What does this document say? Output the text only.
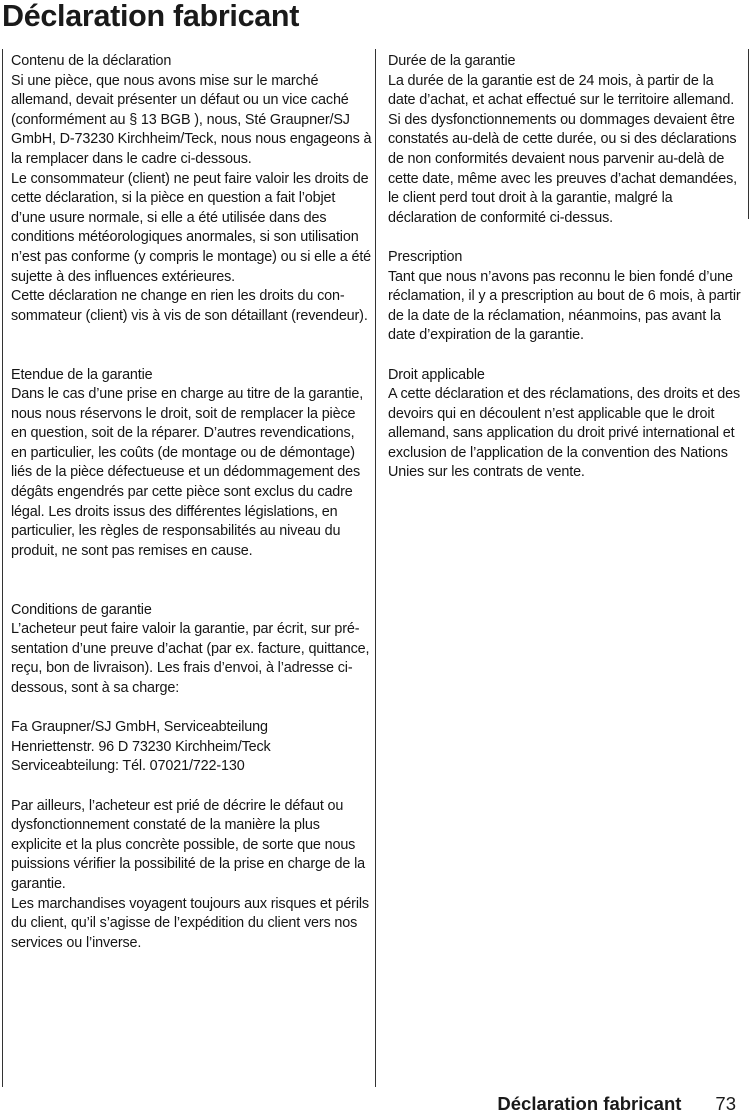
Déclaration fabricant
Contenu de la déclaration
Si une pièce, que nous avons mise sur le marché allemand, devait présenter un défaut ou un vice caché (conformément au § 13 BGB ), nous, Sté Graupner/SJ GmbH, D-73230 Kirchheim/Teck, nous nous engageons à la remplacer dans le cadre ci-dessous.
Le consommateur (client) ne peut faire valoir les droits de cette déclaration, si la pièce en question a fait l’objet d’une usure normale, si elle a été utilisée dans des conditions météorologiques anormales, si son utilisation n’est pas conforme (y compris le montage) ou si elle a été sujette à des influences extérieures.
Cette déclaration ne change en rien les droits du con-sommateur (client) vis à vis de son détaillant (revendeur).
Etendue de la garantie
Dans le cas d’une prise en charge au titre de la garantie, nous nous réservons le droit, soit de remplacer la pièce en question, soit de la réparer. D’autres revendications, en particulier, les coûts (de montage ou de démontage) liés de la pièce défectueuse et un dédommagement des dégâts engendrés par cette pièce sont exclus du cadre légal. Les droits issus des différentes législations, en particulier, les règles de responsabilités au niveau du produit, ne sont pas remises en cause.
Conditions de garantie
L’acheteur peut faire valoir la garantie, par écrit, sur pré-sentation d’une preuve d’achat (par ex. facture, quittance, reçu, bon de livraison). Les frais d’envoi, à l’adresse ci-dessous, sont à sa charge:
Fa Graupner/SJ GmbH, Serviceabteilung
Henriettenstr. 96 D 73230 Kirchheim/Teck
Serviceabteilung: Tél. 07021/722-130
Par ailleurs, l’acheteur est prié de décrire le défaut ou dysfonctionnement constaté de la manière la plus explicite et la plus concrète possible, de sorte que nous puissions vérifier la possibilité de la prise en charge de la garantie.
Les marchandises voyagent toujours aux risques et périls du client, qu’il s’agisse de l’expédition du client vers nos services ou l’inverse.
Durée de la garantie
La durée de la garantie est de 24 mois, à partir de la date d’achat, et achat effectué sur le territoire allemand. Si des dysfonctionnements ou dommages devaient être constatés au-delà de cette durée, ou si des déclarations de non conformités devaient nous parvenir au-delà de cette date, même avec les preuves d’achat demandées, le client perd tout droit à la garantie, malgré la déclaration de conformité ci-dessus.
Prescription
Tant que nous n’avons pas reconnu le bien fondé d’une réclamation, il y a prescription au bout de 6 mois, à partir de la date de la réclamation, néanmoins, pas avant la date d’expiration de la garantie.
Droit applicable
A cette déclaration et des réclamations, des droits et des devoirs qui en découlent n’est applicable que le droit allemand, sans application du droit privé international et exclusion de l’application de la convention des Nations Unies sur les contrats de vente.
Déclaration fabricant 73
